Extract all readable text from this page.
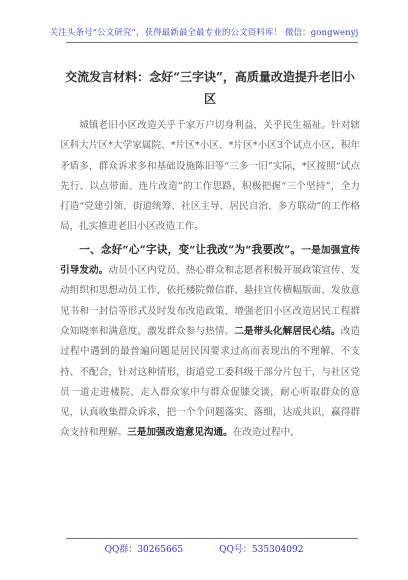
关注头条号“公文研究”，获得最新最全最专业的公文资料库！ 微信：gongwenyj
交流发言材料：念好“三字诀”，高质量改造提升老旧小区

城镇老旧小区改造关乎千家万户切身利益，关乎民生福祉。针对辖区科大片区*大学家属院、*片区*小区、*片区*小区3个试点小区，积年矛盾多，群众诉求多和基础设施陈旧等“三多一旧”实际，*区按照“试点先行、以点带面、连片改造”的工作思路，积极把握“三个坚持”，全力打造“党建引领、街道统筹、社区主导、居民自治、多方联动”的工作格局，扎实推进老旧小区改造工作。

一、念好“心”字诀，变“让我改”为“我要改”。一是加强宣传引导发动。动员小区内党员、热心群众和志愿者积极开展政策宣传、发动组织和思想动员工作，依托楼院微信群、悬挂宣传横幅版面、发放意见书和一封信等形式及时发布改造政策，增强老旧小区改造居民工程群众知晓率和满意度，激发群众参与热情。二是带头化解居民心结。改造过程中遇到的最普遍问题是居民因要求过高而表现出的不理解、不支持、不配合，针对这种情形，街道党工委科级干部分片包干，与社区党员一道走进楼院、走入群众家中与群众促膝交谈，耐心听取群众的意见，认真收集群众诉求，把一个个问题落实、落细，达成共识，赢得群众支持和理解。三是加强改造意见沟通。在改造过程中，

QQ群：30265665	QQ号：535304092
